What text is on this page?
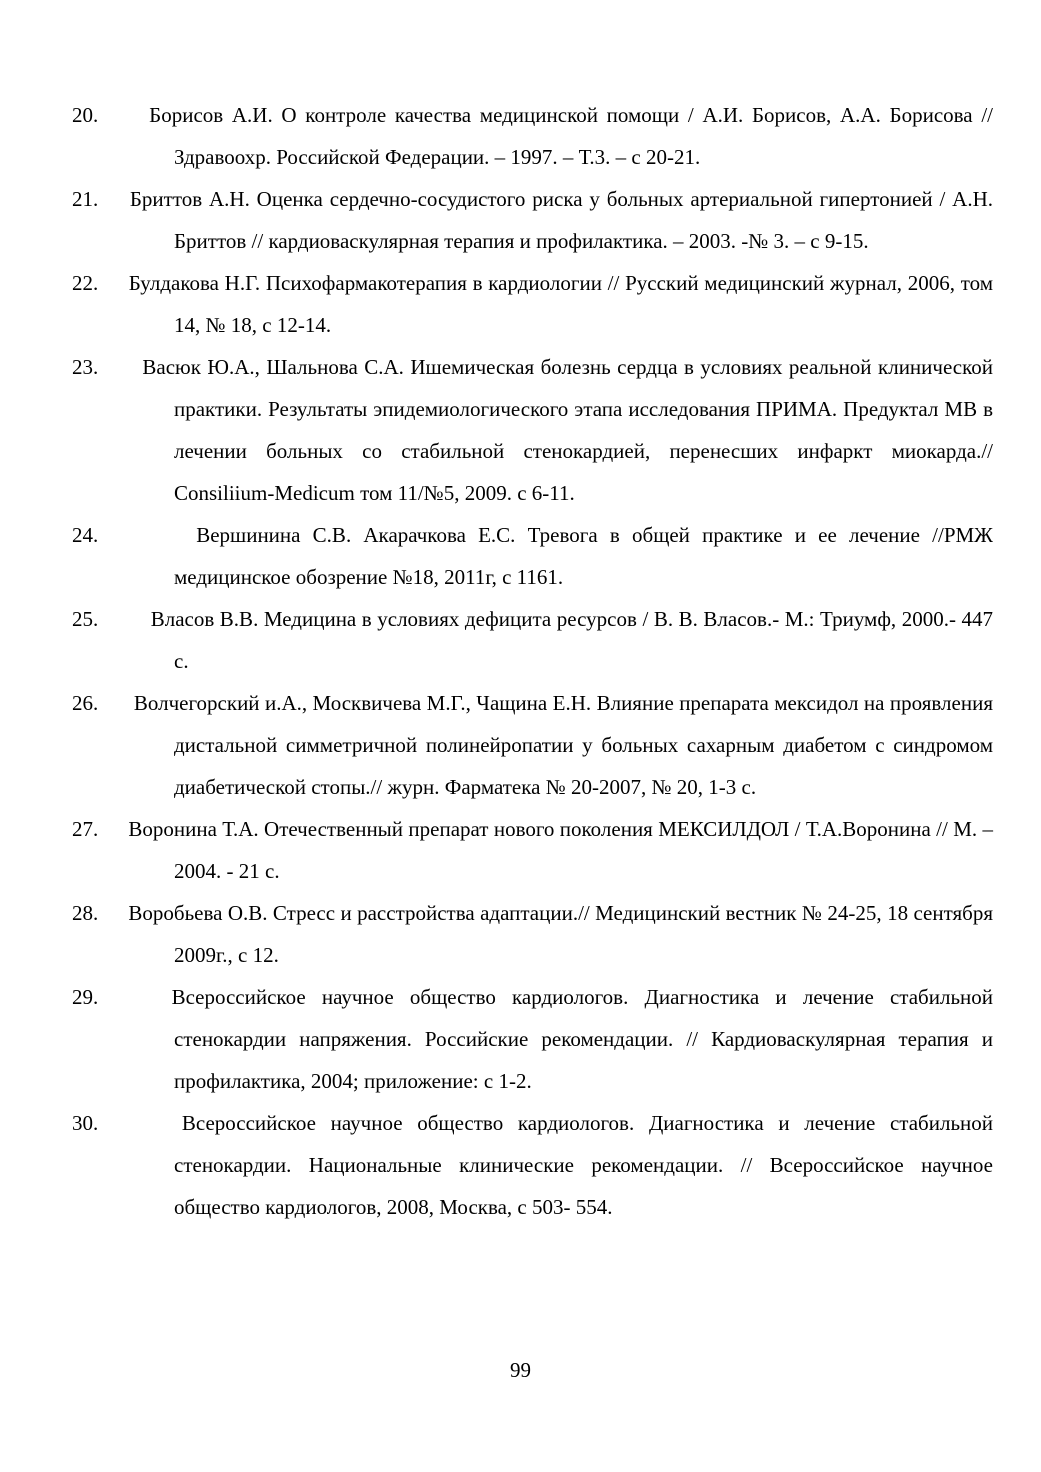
20. Борисов А.И. О контроле качества медицинской помощи / А.И. Борисов, А.А. Борисова // Здравоохр. Российской Федерации. – 1997. – Т.3. – с 20-21.

21. Бриттов А.Н. Оценка сердечно-сосудистого риска у больных артериальной гипертонией / А.Н. Бриттов // кардиоваскулярная терапия и профилактика. – 2003. -№ 3. – с 9-15.

22. Булдакова Н.Г. Психофармакотерапия в кардиологии // Русский медицинский журнал, 2006, том 14, № 18, с 12-14.

23. Васюк Ю.А., Шальнова С.А. Ишемическая болезнь сердца в условиях реальной клинической практики. Результаты эпидемиологического этапа исследования ПРИМА. Предуктал МВ в лечении больных со стабильной стенокардией, перенесших инфаркт миокарда.// Consiliium-Medicum том 11/№5, 2009. с 6-11.

24.	Вершинина С.В. Акарачкова Е.С. Тревога в общей практике и ее лечение //РМЖ медицинское обозрение №18, 2011г, с 1161.

25. Власов В.В. Медицина в условиях дефицита ресурсов / В. В. Власов.- М.: Триумф, 2000.- 447 с.

26. Волчегорский и.А., Москвичева М.Г., Чащина Е.Н. Влияние препарата мексидол на проявления дистальной симметричной полинейропатии у больных сахарным диабетом с синдромом диабетической стопы.// журн. Фарматека № 20-2007, № 20, 1-3 с.

27. Воронина Т.А. Отечественный препарат нового поколения МЕКСИЛДОЛ / Т.А.Воронина // М. – 2004. - 21 с.

28. Воробьева О.В. Стресс и расстройства адаптации.// Медицинский вестник № 24-25, 18 сентября 2009г., с 12.

29.	Всероссийское научное общество кардиологов. Диагностика и лечение стабильной стенокардии напряжения. Российские рекомендации. // Кардиоваскулярная терапия и профилактика, 2004; приложение: с 1-2.

30.	Всероссийское научное общество кардиологов. Диагностика и лечение стабильной стенокардии. Национальные клинические рекомендации. // Всероссийское научное общество кардиологов, 2008, Москва, с 503- 554.

99
